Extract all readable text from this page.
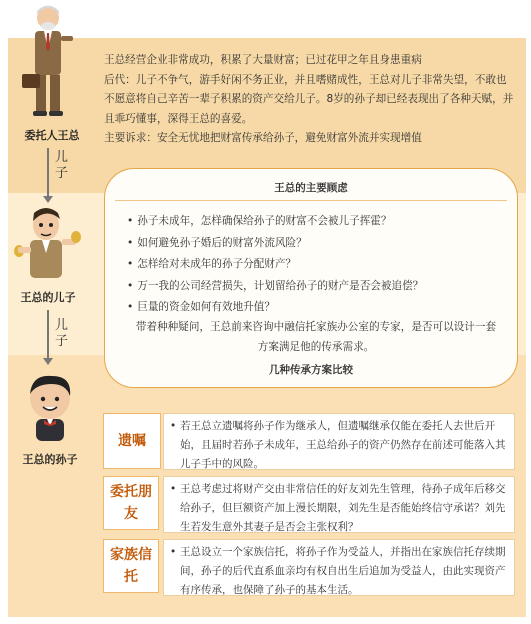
委托人王总
儿子
王总的儿子
儿子
王总的孙子

王总经营企业非常成功，积累了大量财富；已过花甲之年且身患重病

后代：儿子不争气，游手好闲不务正业，并且嗜赌成性，王总对儿子非常失望，不敢也不愿意将自己辛苦一辈子积累的资产交给儿子。8岁的孙子却已经表现出了各种天赋，并且乖巧懂事，深得王总的喜爱。

主要诉求：安全无忧地把财富传承给孙子，避免财富外流并实现增值

王总的主要顾虑
• 孙子未成年，怎样确保给孙子的财富不会被儿子挥霍？
• 如何避免孙子婚后的财富外流风险？
• 怎样给对未成年的孙子分配财产？
• 万一我的公司经营损失，计划留给孙子的财产是否会被追偿？
• 巨量的资金如何有效地升值？
带着种种疑问，王总前来咨询中融信托家族办公室的专家，是否可以设计一套方案满足他的传承需求。
几种传承方案比较
遗嘱
• 若王总立遗嘱将孙子作为继承人，但遗嘱继承仅能在委托人去世后开始，且届时若孙子未成年，王总给孙子的资产仍然存在前述可能落入其儿子手中的风险。
委托朋友
• 王总考虑过将财产交由非常信任的好友刘先生管理，待孙子成年后移交给孙子，但巨额资产加上漫长期限，刘先生是否能始终信守承诺？刘先生若发生意外其妻子是否会主张权利？
家族信托
• 王总设立一个家族信托，将孙子作为受益人，并指出在家族信托存续期间，孙子的后代直系血亲均有权自出生后追加为受益人，由此实现资产有序传承，也保障了孙子的基本生活。
